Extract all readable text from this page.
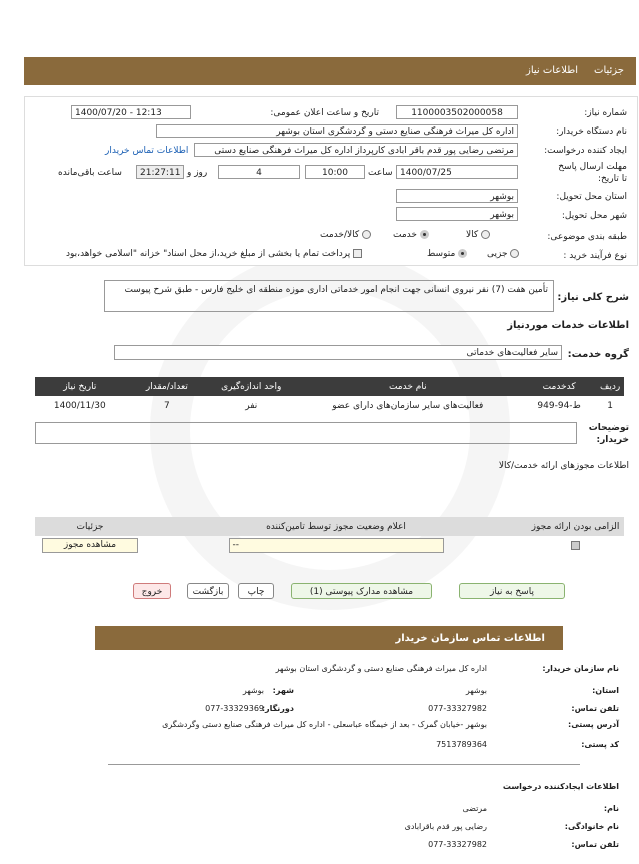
جزئیات
اطلاعات نیاز
شماره نیاز:
1100003502000058
تاریخ و ساعت اعلان عمومی:
1400/07/20 - 12:13
نام دستگاه خریدار:
اداره کل میراث فرهنگی صنایع دستی و گردشگری استان بوشهر
ایجاد کننده درخواست:
مرتضی رضایی پور قدم باقر ابادی کارپرداز اداره کل میراث فرهنگی صنایع دستی
اطلاعات تماس خریدار
مهلت ارسال پاسخ تا تاریخ:
1400/07/25
ساعت
10:00
4
روز و
21:27:11
ساعت باقی‌مانده
استان محل تحویل:
بوشهر
شهر محل تحویل:
بوشهر
طبقه بندی موضوعی:
کالا
خدمت
کالا/خدمت
نوع فرآیند خرید :
جزیی
متوسط
پرداخت تمام یا بخشی از مبلغ خرید،از محل اسناد" خزانه "اسلامی خواهد،بود
شرح کلی نیاز:
تأمین هفت (7) نفر نیروی انسانی جهت انجام امور خدماتی اداری موزه منطقه ای خلیج فارس - طبق شرح پیوست
اطلاعات خدمات موردنیاز
گروه خدمت:
سایر فعالیت‌های خدماتی
ردیف	کدخدمت	نام خدمت	واحد اندازه‌گیری	تعداد/مقدار	تاریخ نیاز
1	ط-94-949	فعالیت‌های سایر سازمان‌های دارای عضو	نفر	7	1400/11/30
توضیحات خریدار:
اطلاعات مجوزهای ارائه خدمت/کالا
الزامی بودن ارائه مجوز	اعلام وضعیت مجوز توسط تامین‌کننده	جزئیات

	--	مشاهده مجوز
پاسخ به نیاز
مشاهده مدارک پیوستی (1)
چاپ
بازگشت
خروج
اطلاعات تماس سازمان خریدار
نام سازمان خریدار:
اداره کل میراث فرهنگی صنایع دستی و گردشگری استان بوشهر
استان:
بوشهر
شهر:
بوشهر
تلفن تماس:
077-33327982
دورنگار:
077-33329369
آدرس پستی:
بوشهر -خیابان گمرک - بعد از خیمگاه عباسعلی - اداره کل میراث فرهنگی صنایع دستی وگردشگری
کد پستی:
7513789364
اطلاعات ایجادکننده درخواست
نام:
مرتضی
نام خانوادگی:
رضایی پور قدم باقرابادی
تلفن تماس:
077-33327982
